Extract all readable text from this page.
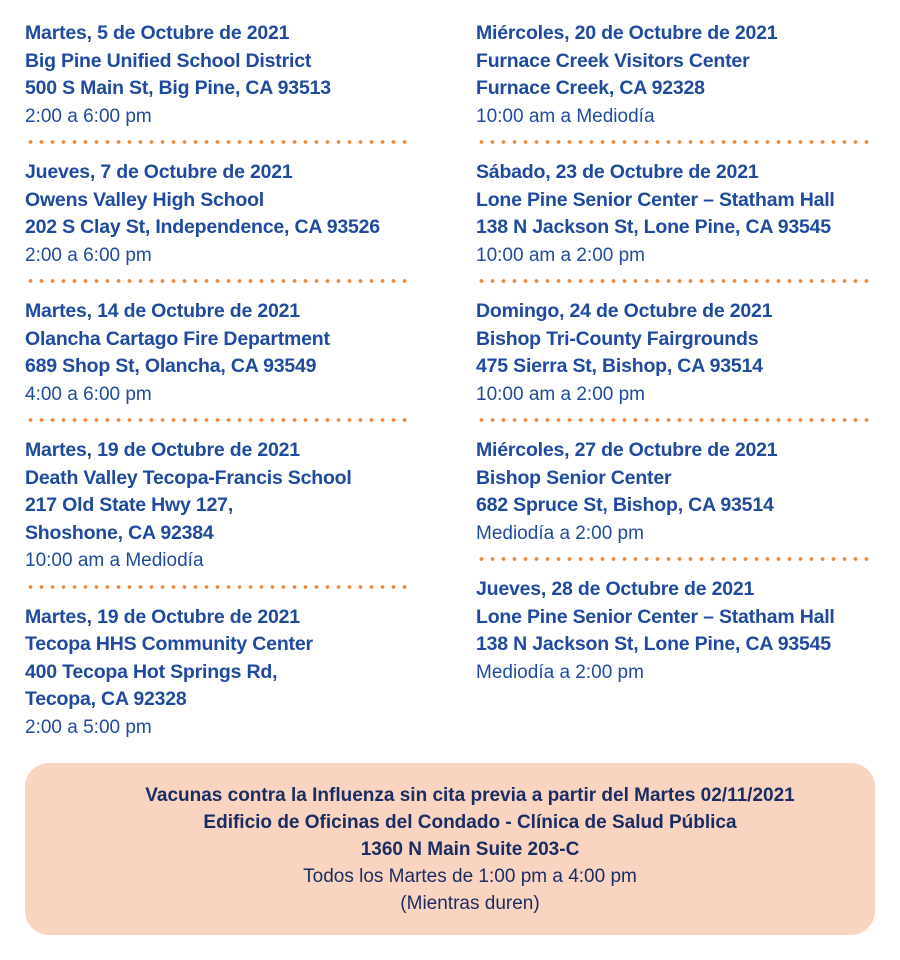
Martes, 5 de Octubre de 2021
Big Pine Unified School District
500 S Main St, Big Pine, CA 93513
2:00 a 6:00 pm
Jueves, 7 de Octubre de 2021
Owens Valley High School
202 S Clay St, Independence, CA 93526
2:00 a 6:00 pm
Martes, 14 de Octubre de 2021
Olancha Cartago Fire Department
689 Shop St, Olancha, CA 93549
4:00 a 6:00 pm
Martes, 19 de Octubre de 2021
Death Valley Tecopa-Francis School
217 Old State Hwy 127,
Shoshone, CA 92384
10:00 am a Mediodía
Martes, 19 de Octubre de 2021
Tecopa HHS Community Center
400 Tecopa Hot Springs Rd,
Tecopa, CA 92328
2:00 a 5:00 pm
Miércoles, 20 de Octubre de 2021
Furnace Creek Visitors Center
Furnace Creek, CA 92328
10:00 am a Mediodía
Sábado, 23 de Octubre de 2021
Lone Pine Senior Center – Statham Hall
138 N Jackson St, Lone Pine, CA 93545
10:00 am a 2:00 pm
Domingo, 24 de Octubre de 2021
Bishop Tri-County Fairgrounds
475 Sierra St, Bishop, CA 93514
10:00 am a 2:00 pm
Miércoles, 27 de Octubre de 2021
Bishop Senior Center
682 Spruce St, Bishop, CA 93514
Mediodía a 2:00 pm
Jueves, 28 de Octubre de 2021
Lone Pine Senior Center – Statham Hall
138 N Jackson St, Lone Pine, CA 93545
Mediodía a 2:00 pm
Vacunas contra la Influenza sin cita previa a partir del Martes 02/11/2021
Edificio de Oficinas del Condado - Clínica de Salud Pública
1360 N Main Suite 203-C
Todos los Martes de 1:00 pm a 4:00 pm
(Mientras duren)
